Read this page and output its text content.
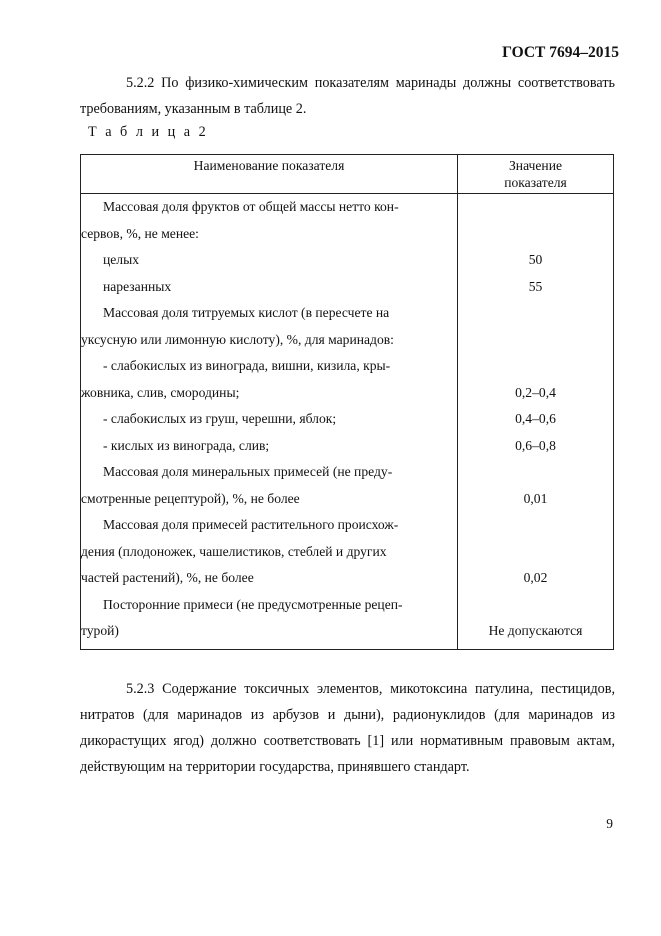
ГОСТ 7694–2015

5.2.2 По физико-химическим показателям маринады должны соответствовать требованиям, указанным в таблице 2.

Т а б л и ц а 2
Наименование показателя	Значение показателя

Массовая доля фруктов от общей массы нетто кон-
сервов, %, не менее:	

целых	50

нарезанных	55

Массовая доля титруемых кислот (в пересчете на
уксусную или лимонную кислоту), %, для маринадов:	

- слабокислых из винограда, вишни, кизила, кры-
жовника, слив, смородины;	0,2–0,4

- слабокислых из груш, черешни, яблок;	0,4–0,6

- кислых из винограда, слив;	0,6–0,8

Массовая доля минеральных примесей (не преду-
смотренные рецептурой), %, не более	0,01

Массовая доля примесей растительного происхож-
дения (плодоножек, чашелистиков, стеблей и других
частей растений), %, не более	0,02

Посторонние примеси (не предусмотренные рецеп-
турой)	Не допускаются

5.2.3 Содержание токсичных элементов, микотоксина патулина, пестицидов, нитратов (для маринадов из арбузов и дыни), радионуклидов (для маринадов из дикорастущих ягод) должно соответствовать [1] или нормативным правовым актам, действующим на территории государства, принявшего стандарт.

9
